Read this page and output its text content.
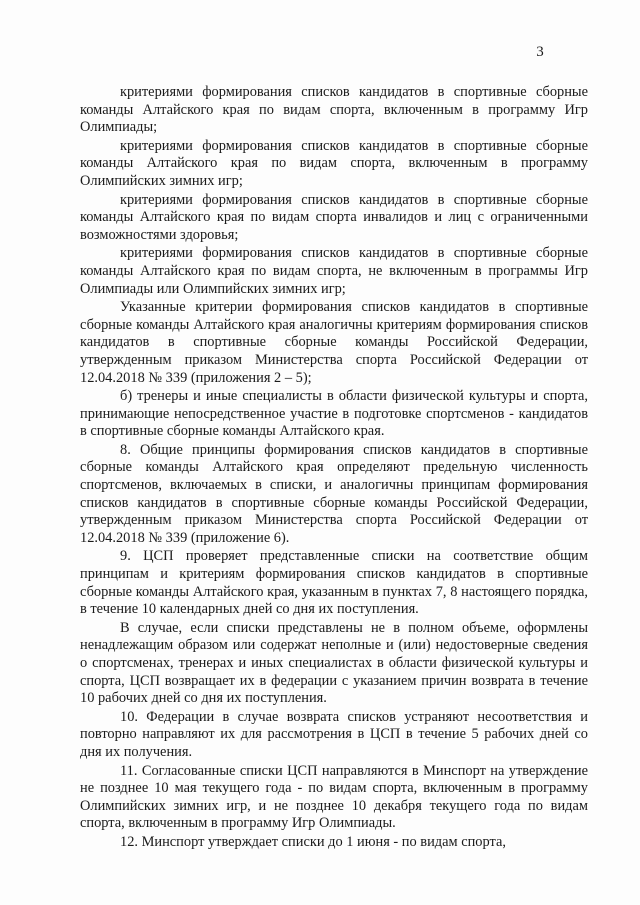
3

критериями формирования списков кандидатов в спортивные сборные команды Алтайского края по видам спорта, включенным в программу Игр Олимпиады;

критериями формирования списков кандидатов в спортивные сборные команды Алтайского края по видам спорта, включенным в программу Олимпийских зимних игр;

критериями формирования списков кандидатов в спортивные сборные команды Алтайского края по видам спорта инвалидов и лиц с ограниченными возможностями здоровья;

критериями формирования списков кандидатов в спортивные сборные команды Алтайского края по видам спорта, не включенным в программы Игр Олимпиады или Олимпийских зимних игр;

Указанные критерии формирования списков кандидатов в спортивные сборные команды Алтайского края аналогичны критериям формирования списков кандидатов в спортивные сборные команды Российской Федерации, утвержденным приказом Министерства спорта Российской Федерации от 12.04.2018 № 339 (приложения 2 – 5);

б) тренеры и иные специалисты в области физической культуры и спорта, принимающие непосредственное участие в подготовке спортсменов - кандидатов в спортивные сборные команды Алтайского края.

8. Общие принципы формирования списков кандидатов в спортивные сборные команды Алтайского края определяют предельную численность спортсменов, включаемых в списки, и аналогичны принципам формирования списков кандидатов в спортивные сборные команды Российской Федерации, утвержденным приказом Министерства спорта Российской Федерации от 12.04.2018 № 339 (приложение 6).

9. ЦСП проверяет представленные списки на соответствие общим принципам и критериям формирования списков кандидатов в спортивные сборные команды Алтайского края, указанным в пунктах 7, 8 настоящего порядка, в течение 10 календарных дней со дня их поступления.

В случае, если списки представлены не в полном объеме, оформлены ненадлежащим образом или содержат неполные и (или) недостоверные сведения о спортсменах, тренерах и иных специалистах в области физической культуры и спорта, ЦСП возвращает их в федерации с указанием причин возврата в течение 10 рабочих дней со дня их поступления.

10. Федерации в случае возврата списков устраняют несоответствия и повторно направляют их для рассмотрения в ЦСП в течение 5 рабочих дней со дня их получения.

11. Согласованные списки ЦСП направляются в Минспорт на утверждение не позднее 10 мая текущего года - по видам спорта, включенным в программу Олимпийских зимних игр, и не позднее 10 декабря текущего года по видам спорта, включенным в программу Игр Олимпиады.

12. Минспорт утверждает списки до 1 июня - по видам спорта,
